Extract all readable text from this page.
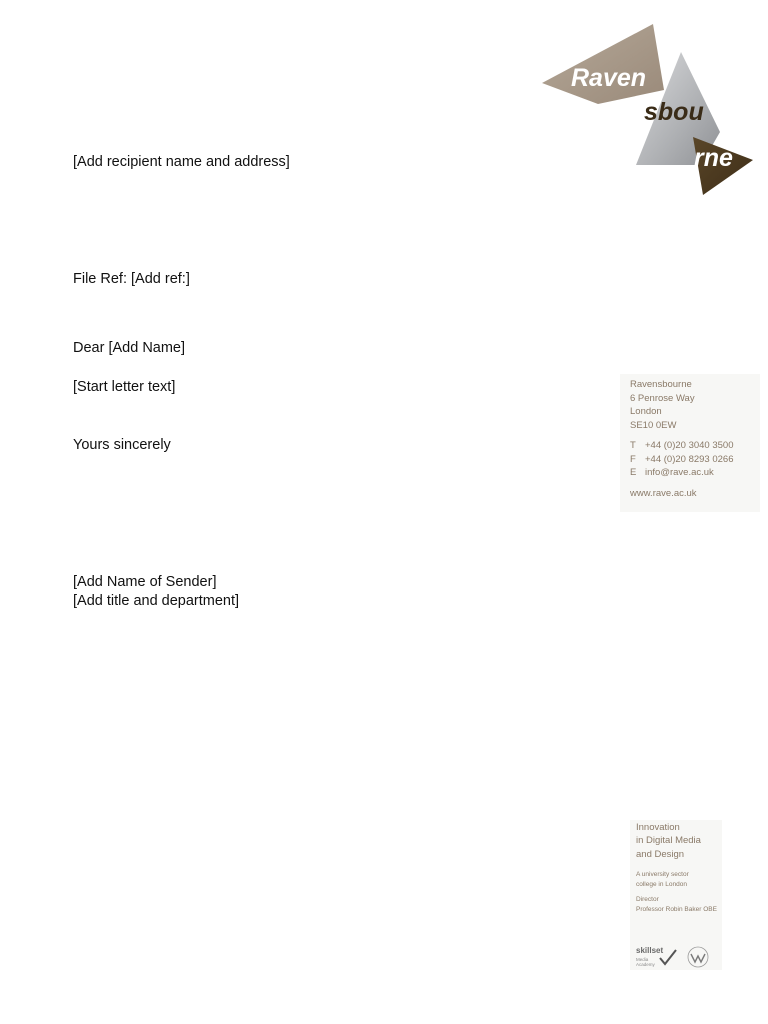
Raven
sbou
rne
[Add recipient name and address]
File Ref: [Add ref:]
Dear [Add Name]
[Start letter text]
Yours sincerely
[Add Name of Sender]
[Add title and department]
Ravensbourne
6 Penrose Way
London
SE10 0EW
T +44 (0)20 3040 3500
F +44 (0)20 8293 0266
E info@rave.ac.uk
www.rave.ac.uk
Innovation
in Digital Media
and Design
A university sector
college in London
Director
Professor Robin Baker OBE
skillset
Media
Academy
